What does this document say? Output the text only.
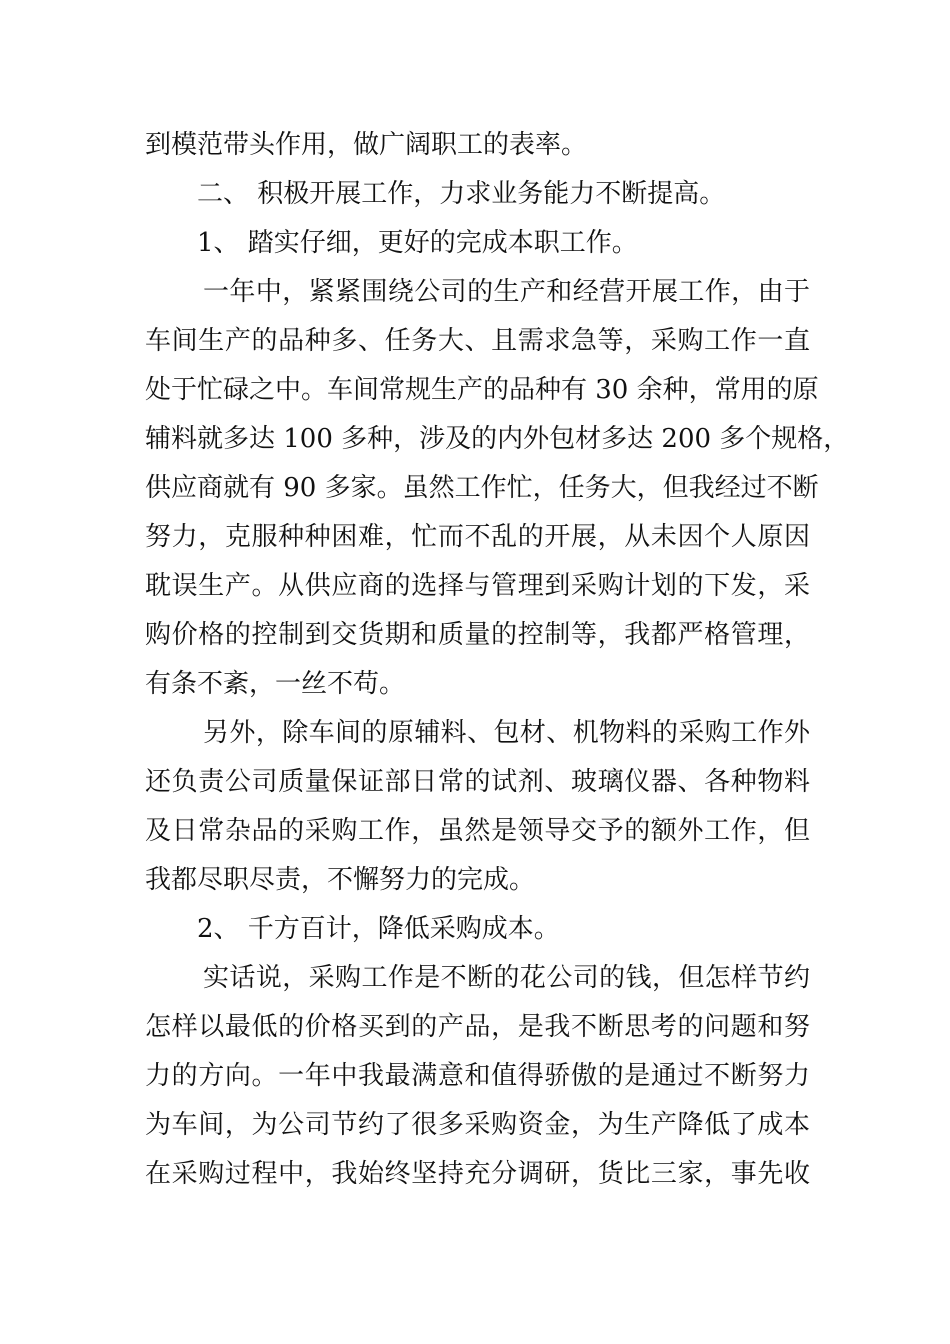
到模范带头作用，做广阔职工的表率。
二、 积极开展工作，力求业务能力不断提高。
1、 踏实仔细，更好的完成本职工作。
一年中，紧紧围绕公司的生产和经营开展工作，由于
车间生产的品种多、任务大、且需求急等，采购工作一直
处于忙碌之中。车间常规生产的品种有 30 余种，常用的原
辅料就多达 100 多种，涉及的内外包材多达 200 多个规格，
供应商就有 90 多家。虽然工作忙，任务大，但我经过不断
努力，克服种种困难，忙而不乱的开展，从未因个人原因
耽误生产。从供应商的选择与管理到采购计划的下发，采
购价格的控制到交货期和质量的控制等，我都严格管理，
有条不紊，一丝不苟。
另外，除车间的原辅料、包材、机物料的采购工作外
还负责公司质量保证部日常的试剂、玻璃仪器、各种物料
及日常杂品的采购工作，虽然是领导交予的额外工作，但
我都尽职尽责，不懈努力的完成。
2、 千方百计，降低采购成本。
实话说，采购工作是不断的花公司的钱，但怎样节约
怎样以最低的价格买到的产品，是我不断思考的问题和努
力的方向。一年中我最满意和值得骄傲的是通过不断努力
为车间，为公司节约了很多采购资金，为生产降低了成本
在采购过程中，我始终坚持充分调研，货比三家，事先收
